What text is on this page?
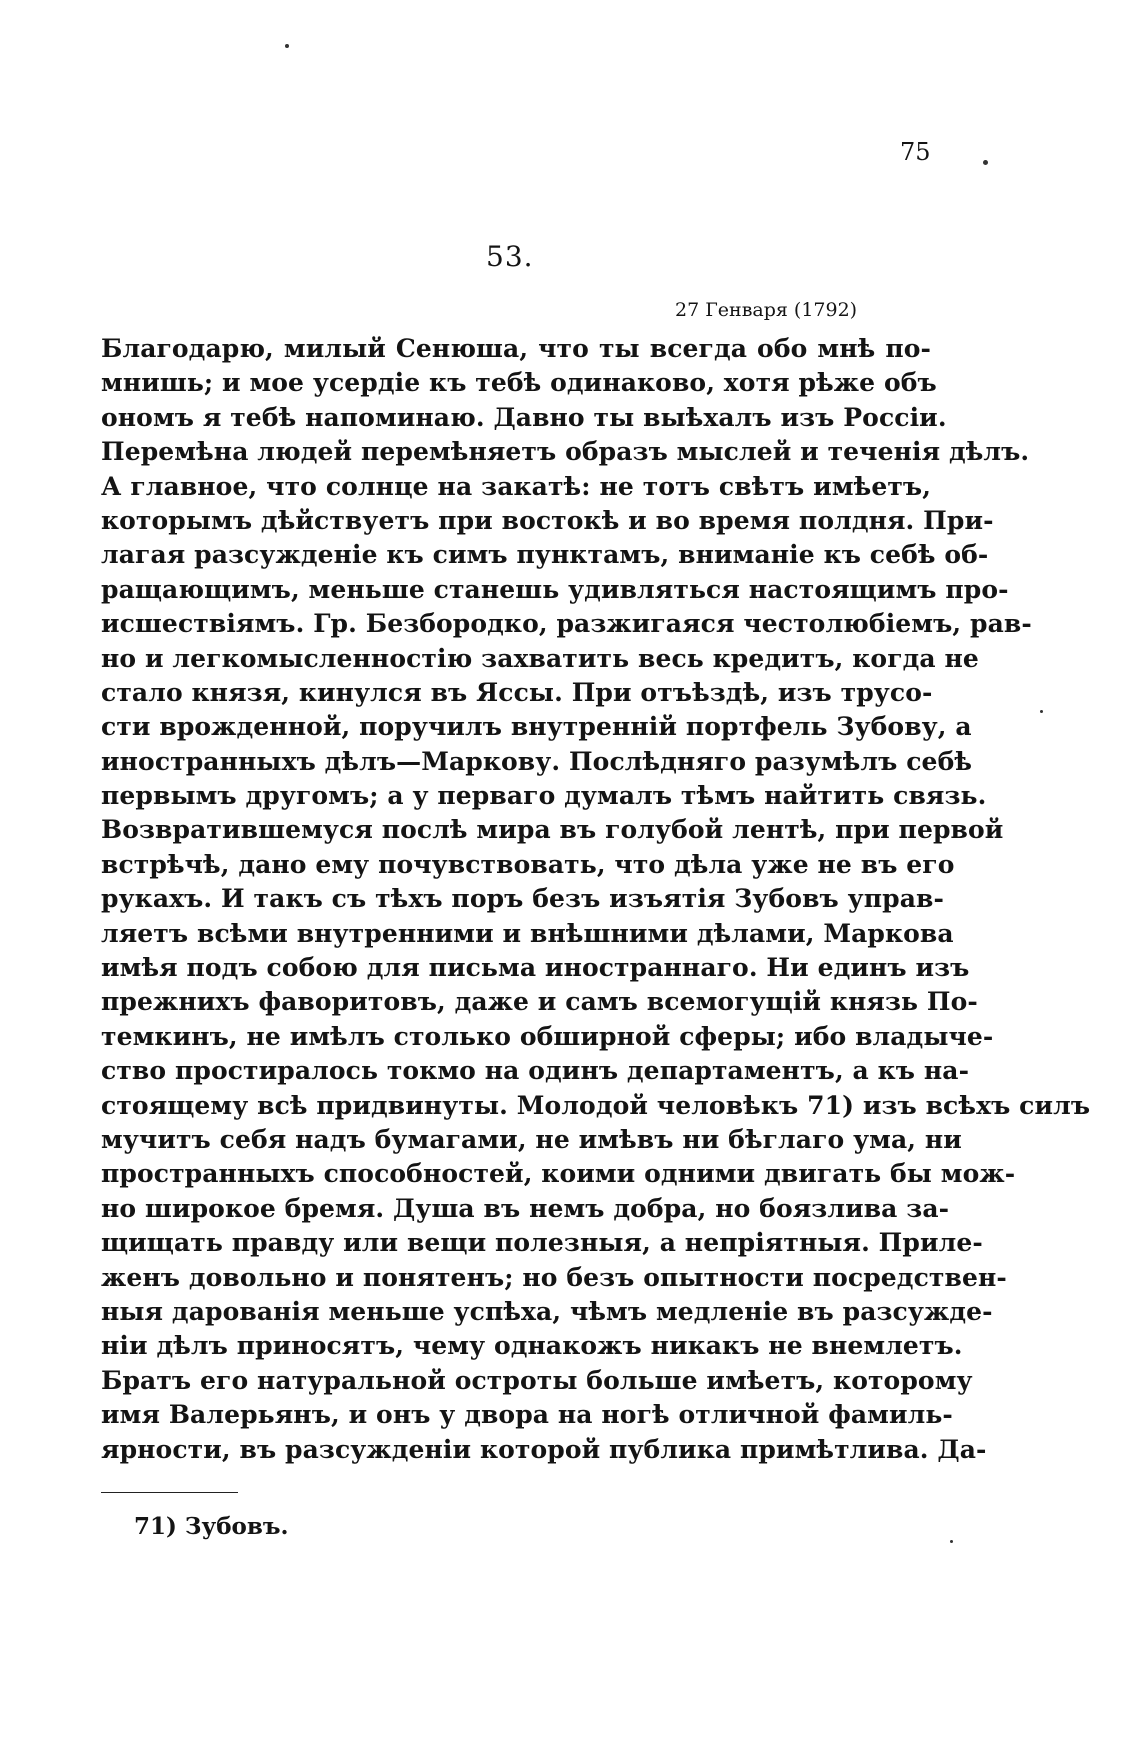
75
53.
27 Генваря (1792)
Благодарю, милый Сенюша, что ты всегда обо мнѣ по-
мнишь; и мое усердіе къ тебѣ одинаково, хотя рѣже объ
ономъ я тебѣ напоминаю. Давно ты выѣхалъ изъ Россіи.
Перемѣна людей перемѣняетъ образъ мыслей и теченія дѣлъ.
А главное, что солнце на закатѣ: не тотъ свѣтъ имѣетъ,
которымъ дѣйствуетъ при востокѣ и во время полдня. При-
лагая разсужденіе къ симъ пунктамъ, вниманіе къ себѣ об-
ращающимъ, меньше станешь удивляться настоящимъ про-
исшествіямъ. Гр. Безбородко, разжигаяся честолюбіемъ, рав-
но и легкомысленностію захватить весь кредитъ, когда не
стало князя, кинулся въ Яссы. При отъѣздѣ, изъ трусо-
сти врожденной, поручилъ внутренній портфель Зубову, а
иностранныхъ дѣлъ—Маркову. Послѣдняго разумѣлъ себѣ
первымъ другомъ; а у перваго думалъ тѣмъ найтить связь.
Возвратившемуся послѣ мира въ голубой лентѣ, при первой
встрѣчѣ, дано ему почувствовать, что дѣла уже не въ его
рукахъ. И такъ съ тѣхъ поръ безъ изъятія Зубовъ управ-
ляетъ всѣми внутренними и внѣшними дѣлами, Маркова
имѣя подъ собою для письма иностраннаго. Ни единъ изъ
прежнихъ фаворитовъ, даже и самъ всемогущій князь По-
темкинъ, не имѣлъ столько обширной сферы; ибо владыче-
ство простиралось токмо на одинъ департаментъ, а къ на-
стоящему всѣ придвинуты. Молодой человѣкъ 71) изъ всѣхъ силъ
мучитъ себя надъ бумагами, не имѣвъ ни бѣглаго ума, ни
пространныхъ способностей, коими одними двигать бы мож-
но широкое бремя. Душа въ немъ добра, но боязлива за-
щищать правду или вещи полезныя, а непріятныя. Приле-
женъ довольно и понятенъ; но безъ опытности посредствен-
ныя дарованія меньше успѣха, чѣмъ медленіе въ разсужде-
ніи дѣлъ приносятъ, чему однакожъ никакъ не внемлетъ.
Братъ его натуральной остроты больше имѣетъ, которому
имя Валерьянъ, и онъ у двора на ногѣ отличной фамиль-
ярности, въ разсужденіи которой публика примѣтлива. Да-
71) Зубовъ.
